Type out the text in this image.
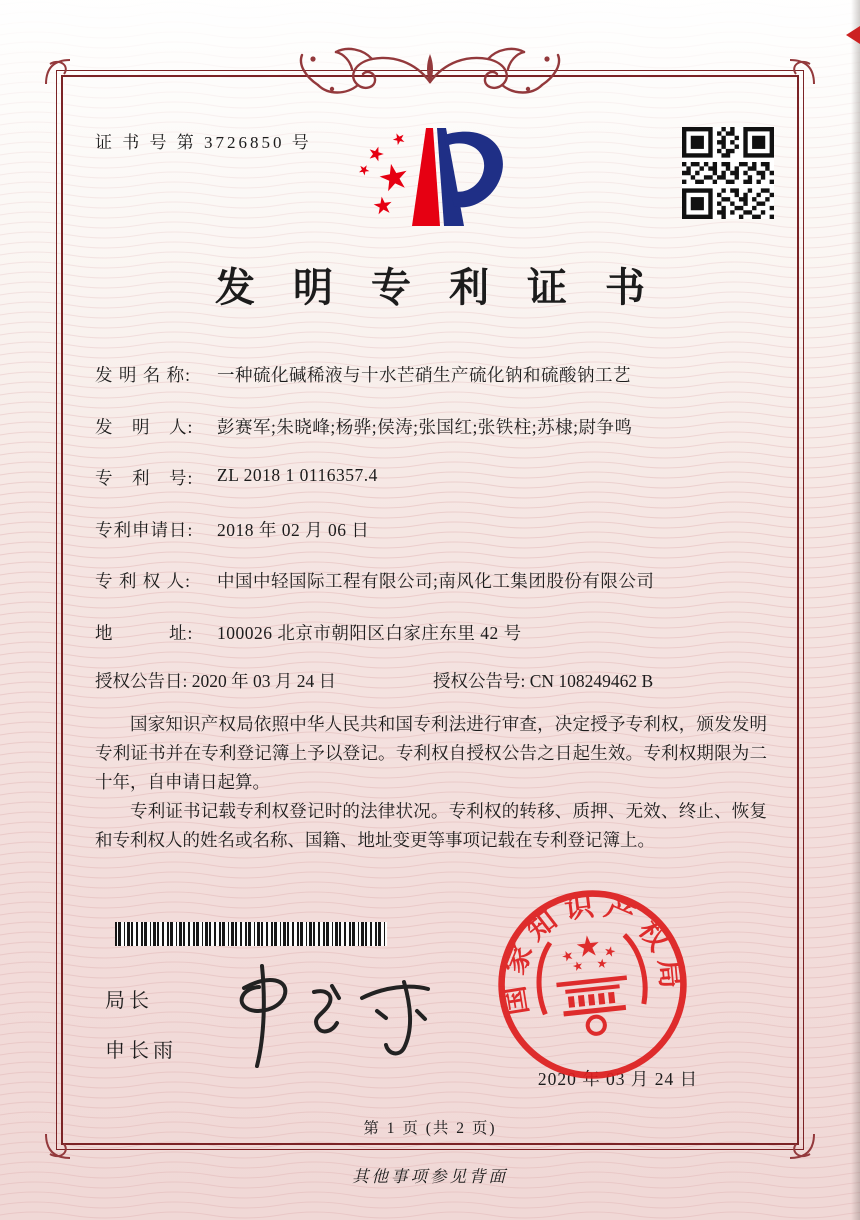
证 书 号 第 3726850 号
发明专利证书
发 明 名 称:	一种硫化碱稀液与十水芒硝生产硫化钠和硫酸钠工艺
发　明　人:	彭赛军;朱晓峰;杨骅;侯涛;张国红;张铁柱;苏棣;尉争鸣
专　利　号:	ZL 2018 1 0116357.4
专利申请日:	2018 年 02 月 06 日
专 利 权 人:	中国中轻国际工程有限公司;南风化工集团股份有限公司
地　　　址:	100026 北京市朝阳区白家庄东里 42 号
授权公告日: 2020 年 03 月 24 日	授权公告号: CN 108249462 B

国家知识产权局依照中华人民共和国专利法进行审查，决定授予专利权，颁发发明专利证书并在专利登记簿上予以登记。专利权自授权公告之日起生效。专利权期限为二十年，自申请日起算。

专利证书记载专利权登记时的法律状况。专利权的转移、质押、无效、终止、恢复和专利权人的姓名或名称、国籍、地址变更等事项记载在专利登记簿上。

局长
申长雨
国家知识产权局
2020 年 03 月 24 日
第 1 页 (共 2 页)
其他事项参见背面
